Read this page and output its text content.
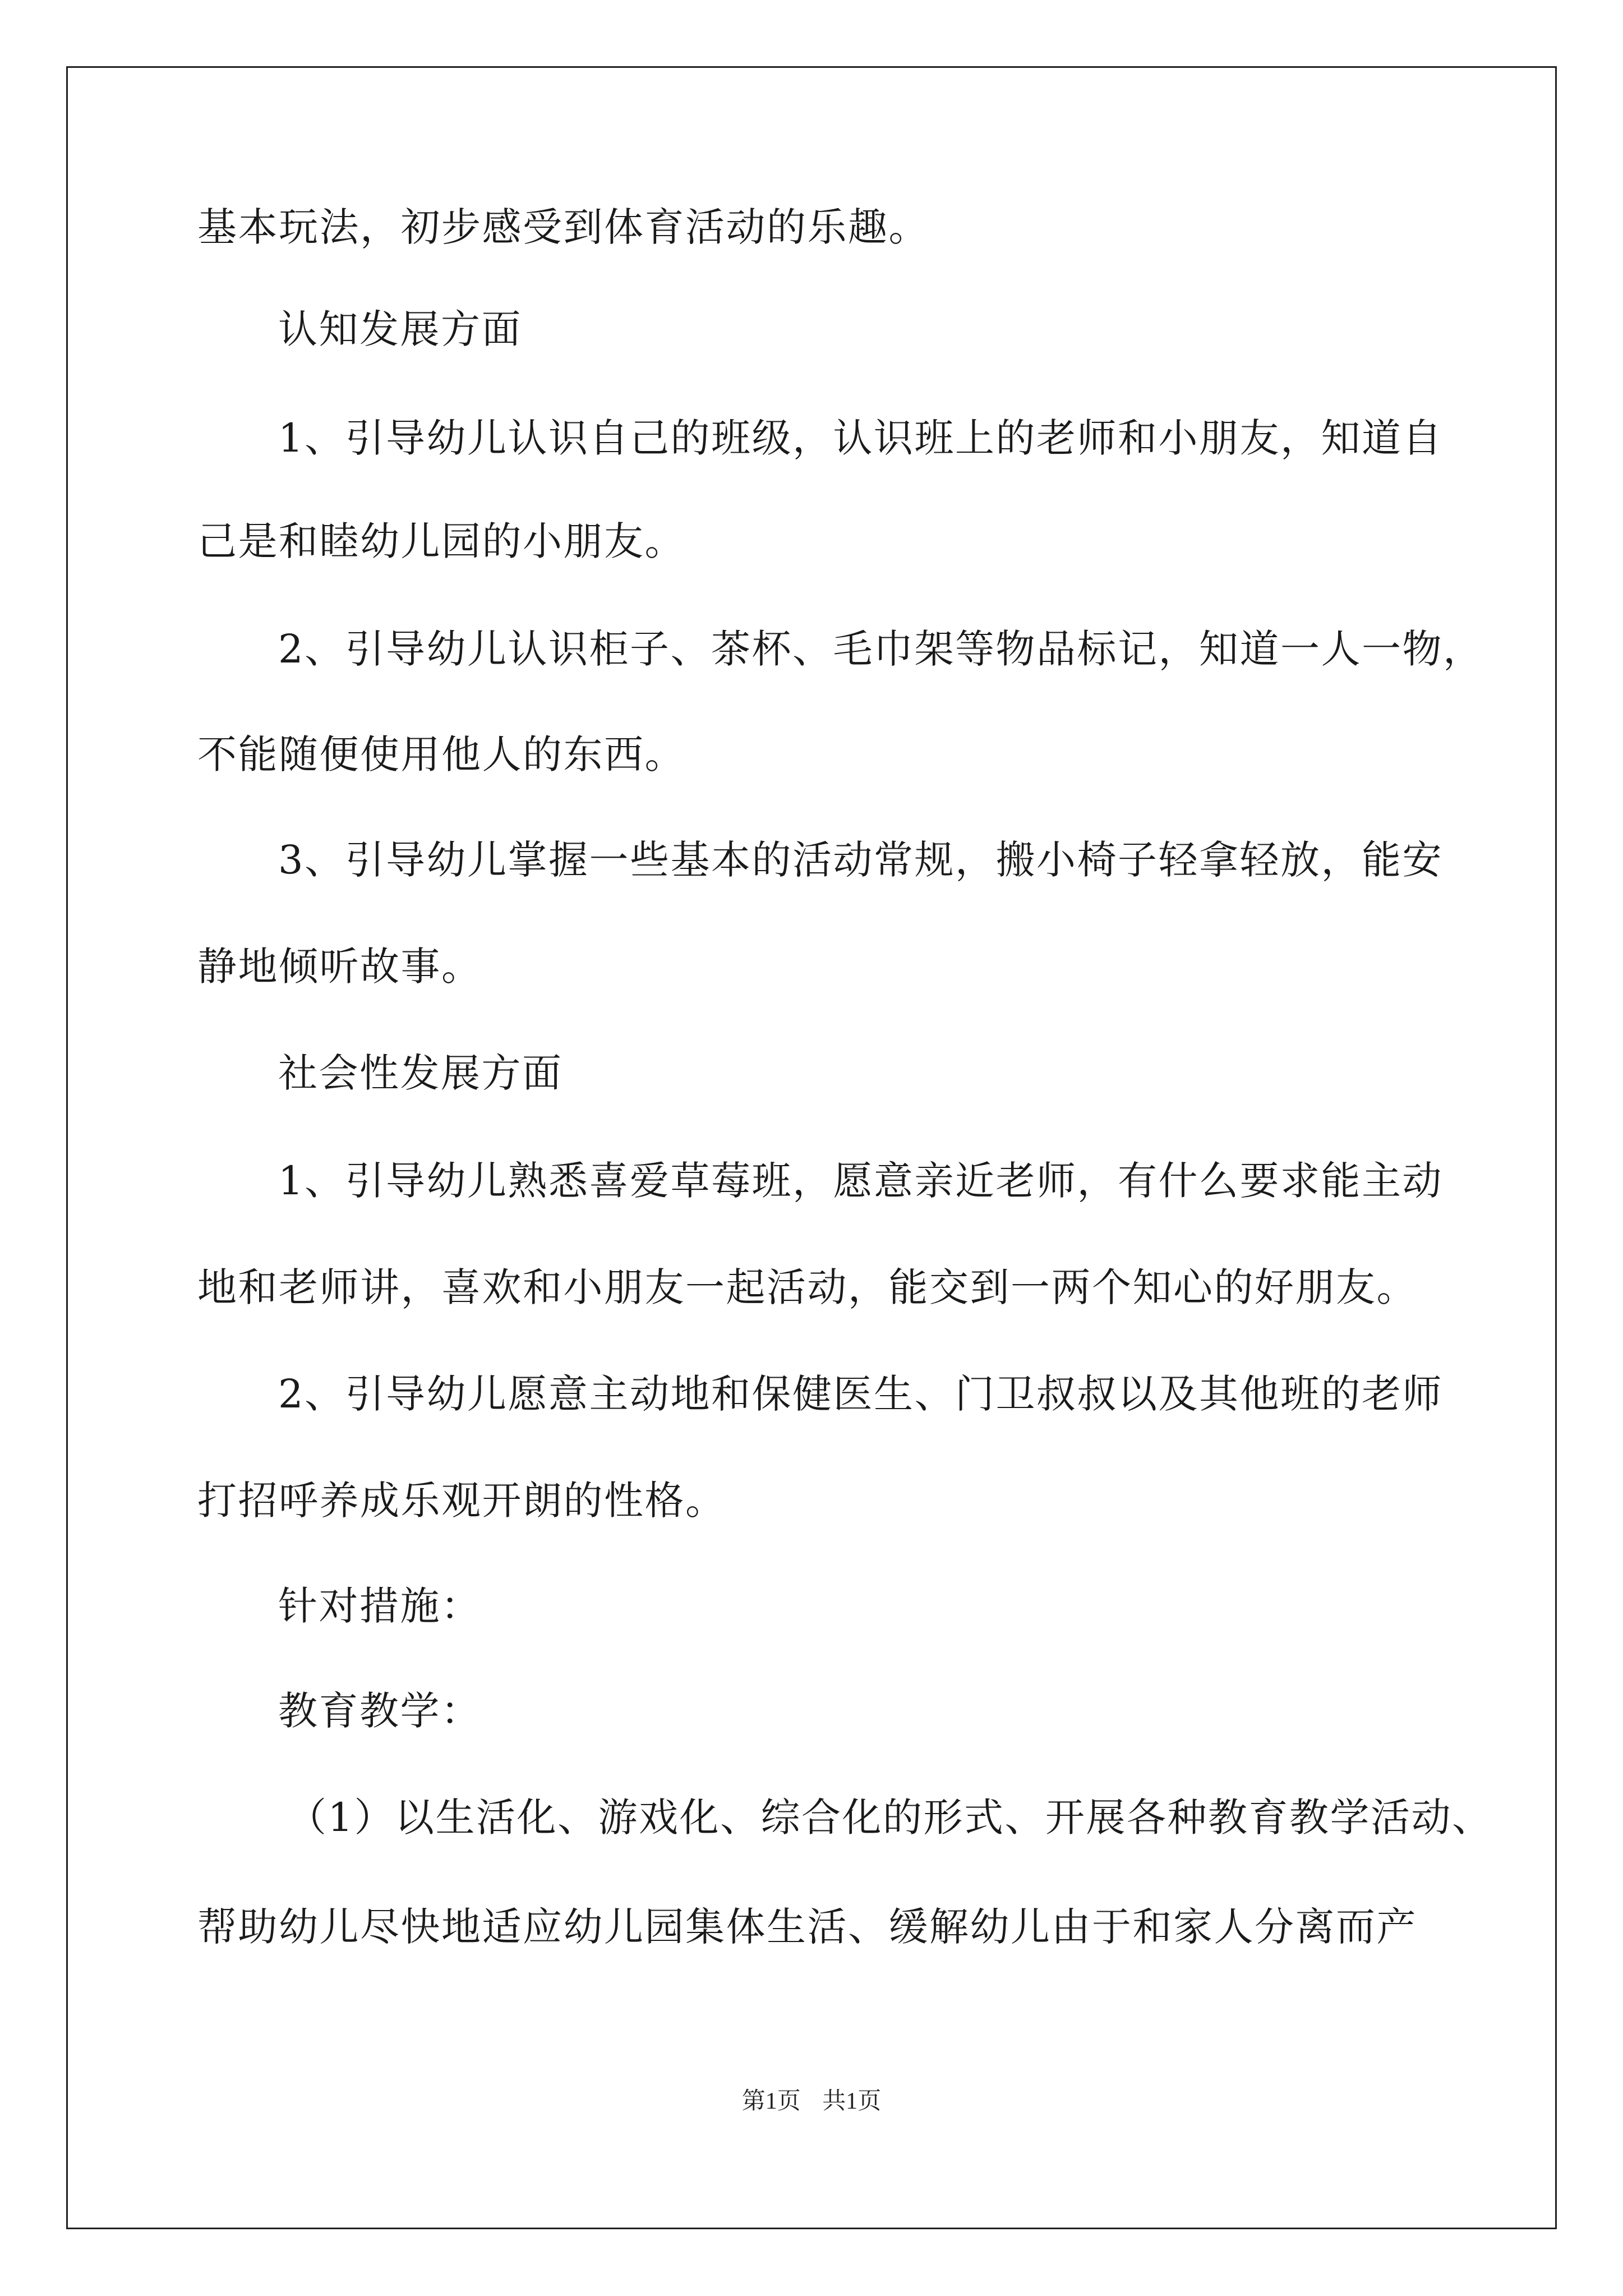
基本玩法，初步感受到体育活动的乐趣。
认知发展方面
1、引导幼儿认识自己的班级，认识班上的老师和小朋友，知道自
己是和睦幼儿园的小朋友。
2、引导幼儿认识柜子、茶杯、毛巾架等物品标记，知道一人一物，
不能随便使用他人的东西。
3、引导幼儿掌握一些基本的活动常规，搬小椅子轻拿轻放，能安
静地倾听故事。
社会性发展方面
1、引导幼儿熟悉喜爱草莓班，愿意亲近老师，有什么要求能主动
地和老师讲，喜欢和小朋友一起活动，能交到一两个知心的好朋友。
2、引导幼儿愿意主动地和保健医生、门卫叔叔以及其他班的老师
打招呼养成乐观开朗的性格。
针对措施：
教育教学：
（1）以生活化、游戏化、综合化的形式、开展各种教育教学活动、
帮助幼儿尽快地适应幼儿园集体生活、缓解幼儿由于和家人分离而产
第1页 共1页
